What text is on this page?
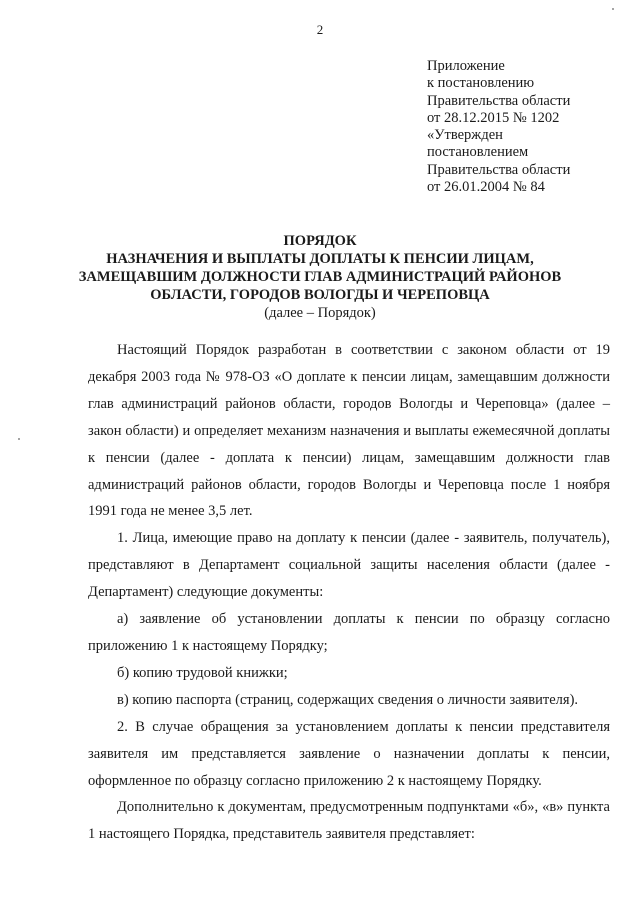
2
Приложение
к постановлению
Правительства области
от 28.12.2015 № 1202
«Утвержден
постановлением
Правительства области
от 26.01.2004 № 84
ПОРЯДОК
НАЗНАЧЕНИЯ И ВЫПЛАТЫ ДОПЛАТЫ К ПЕНСИИ ЛИЦАМ,
ЗАМЕЩАВШИМ ДОЛЖНОСТИ ГЛАВ АДМИНИСТРАЦИЙ РАЙОНОВ
ОБЛАСТИ, ГОРОДОВ ВОЛОГДЫ И ЧЕРЕПОВЦА
(далее – Порядок)

Настоящий Порядок разработан в соответствии с законом области от 19 декабря 2003 года № 978-ОЗ «О доплате к пенсии лицам, замещавшим должности глав администраций районов области, городов Вологды и Череповца» (далее – закон области) и определяет механизм назначения и выплаты ежемесячной доплаты к пенсии (далее - доплата к пенсии) лицам, замещавшим должности глав администраций районов области, городов Вологды и Череповца после 1 ноября 1991 года не менее 3,5 лет.

1. Лица, имеющие право на доплату к пенсии (далее - заявитель, получатель), представляют в Департамент социальной защиты населения области (далее - Департамент) следующие документы:

а) заявление об установлении доплаты к пенсии по образцу согласно приложению 1 к настоящему Порядку;

б) копию трудовой книжки;

в) копию паспорта (страниц, содержащих сведения о личности заявителя).

2. В случае обращения за установлением доплаты к пенсии представителя заявителя им представляется заявление о назначении доплаты к пенсии, оформленное по образцу согласно приложению 2 к настоящему Порядку.

Дополнительно к документам, предусмотренным подпунктами «б», «в» пункта 1 настоящего Порядка, представитель заявителя представляет:
